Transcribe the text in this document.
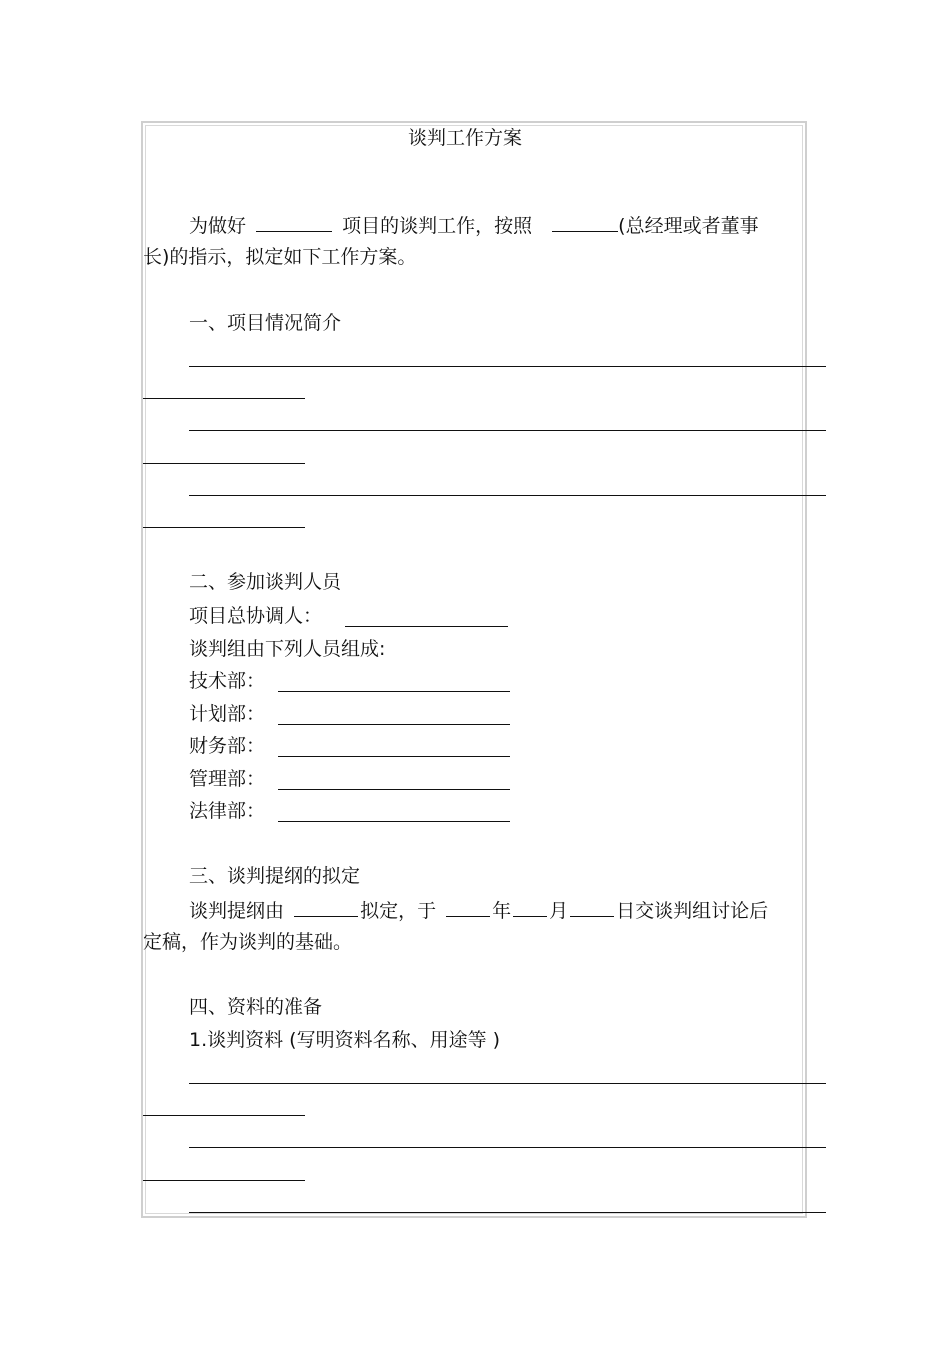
谈判工作方案
为做好	项目的谈判工作，按照	(总经理或者董事
长)的指示，拟定如下工作方案。
一、项目情况简介
二、参加谈判人员
项目总协调人：
谈判组由下列人员组成:
技术部：
计划部：
财务部：
管理部：
法律部：
三、谈判提纲的拟定
谈判提纲由	拟定，于	年 月	日交谈判组讨论后
定稿，作为谈判的基础。
四、资料的准备
1.谈判资料 (写明资料名称、用途等 )
